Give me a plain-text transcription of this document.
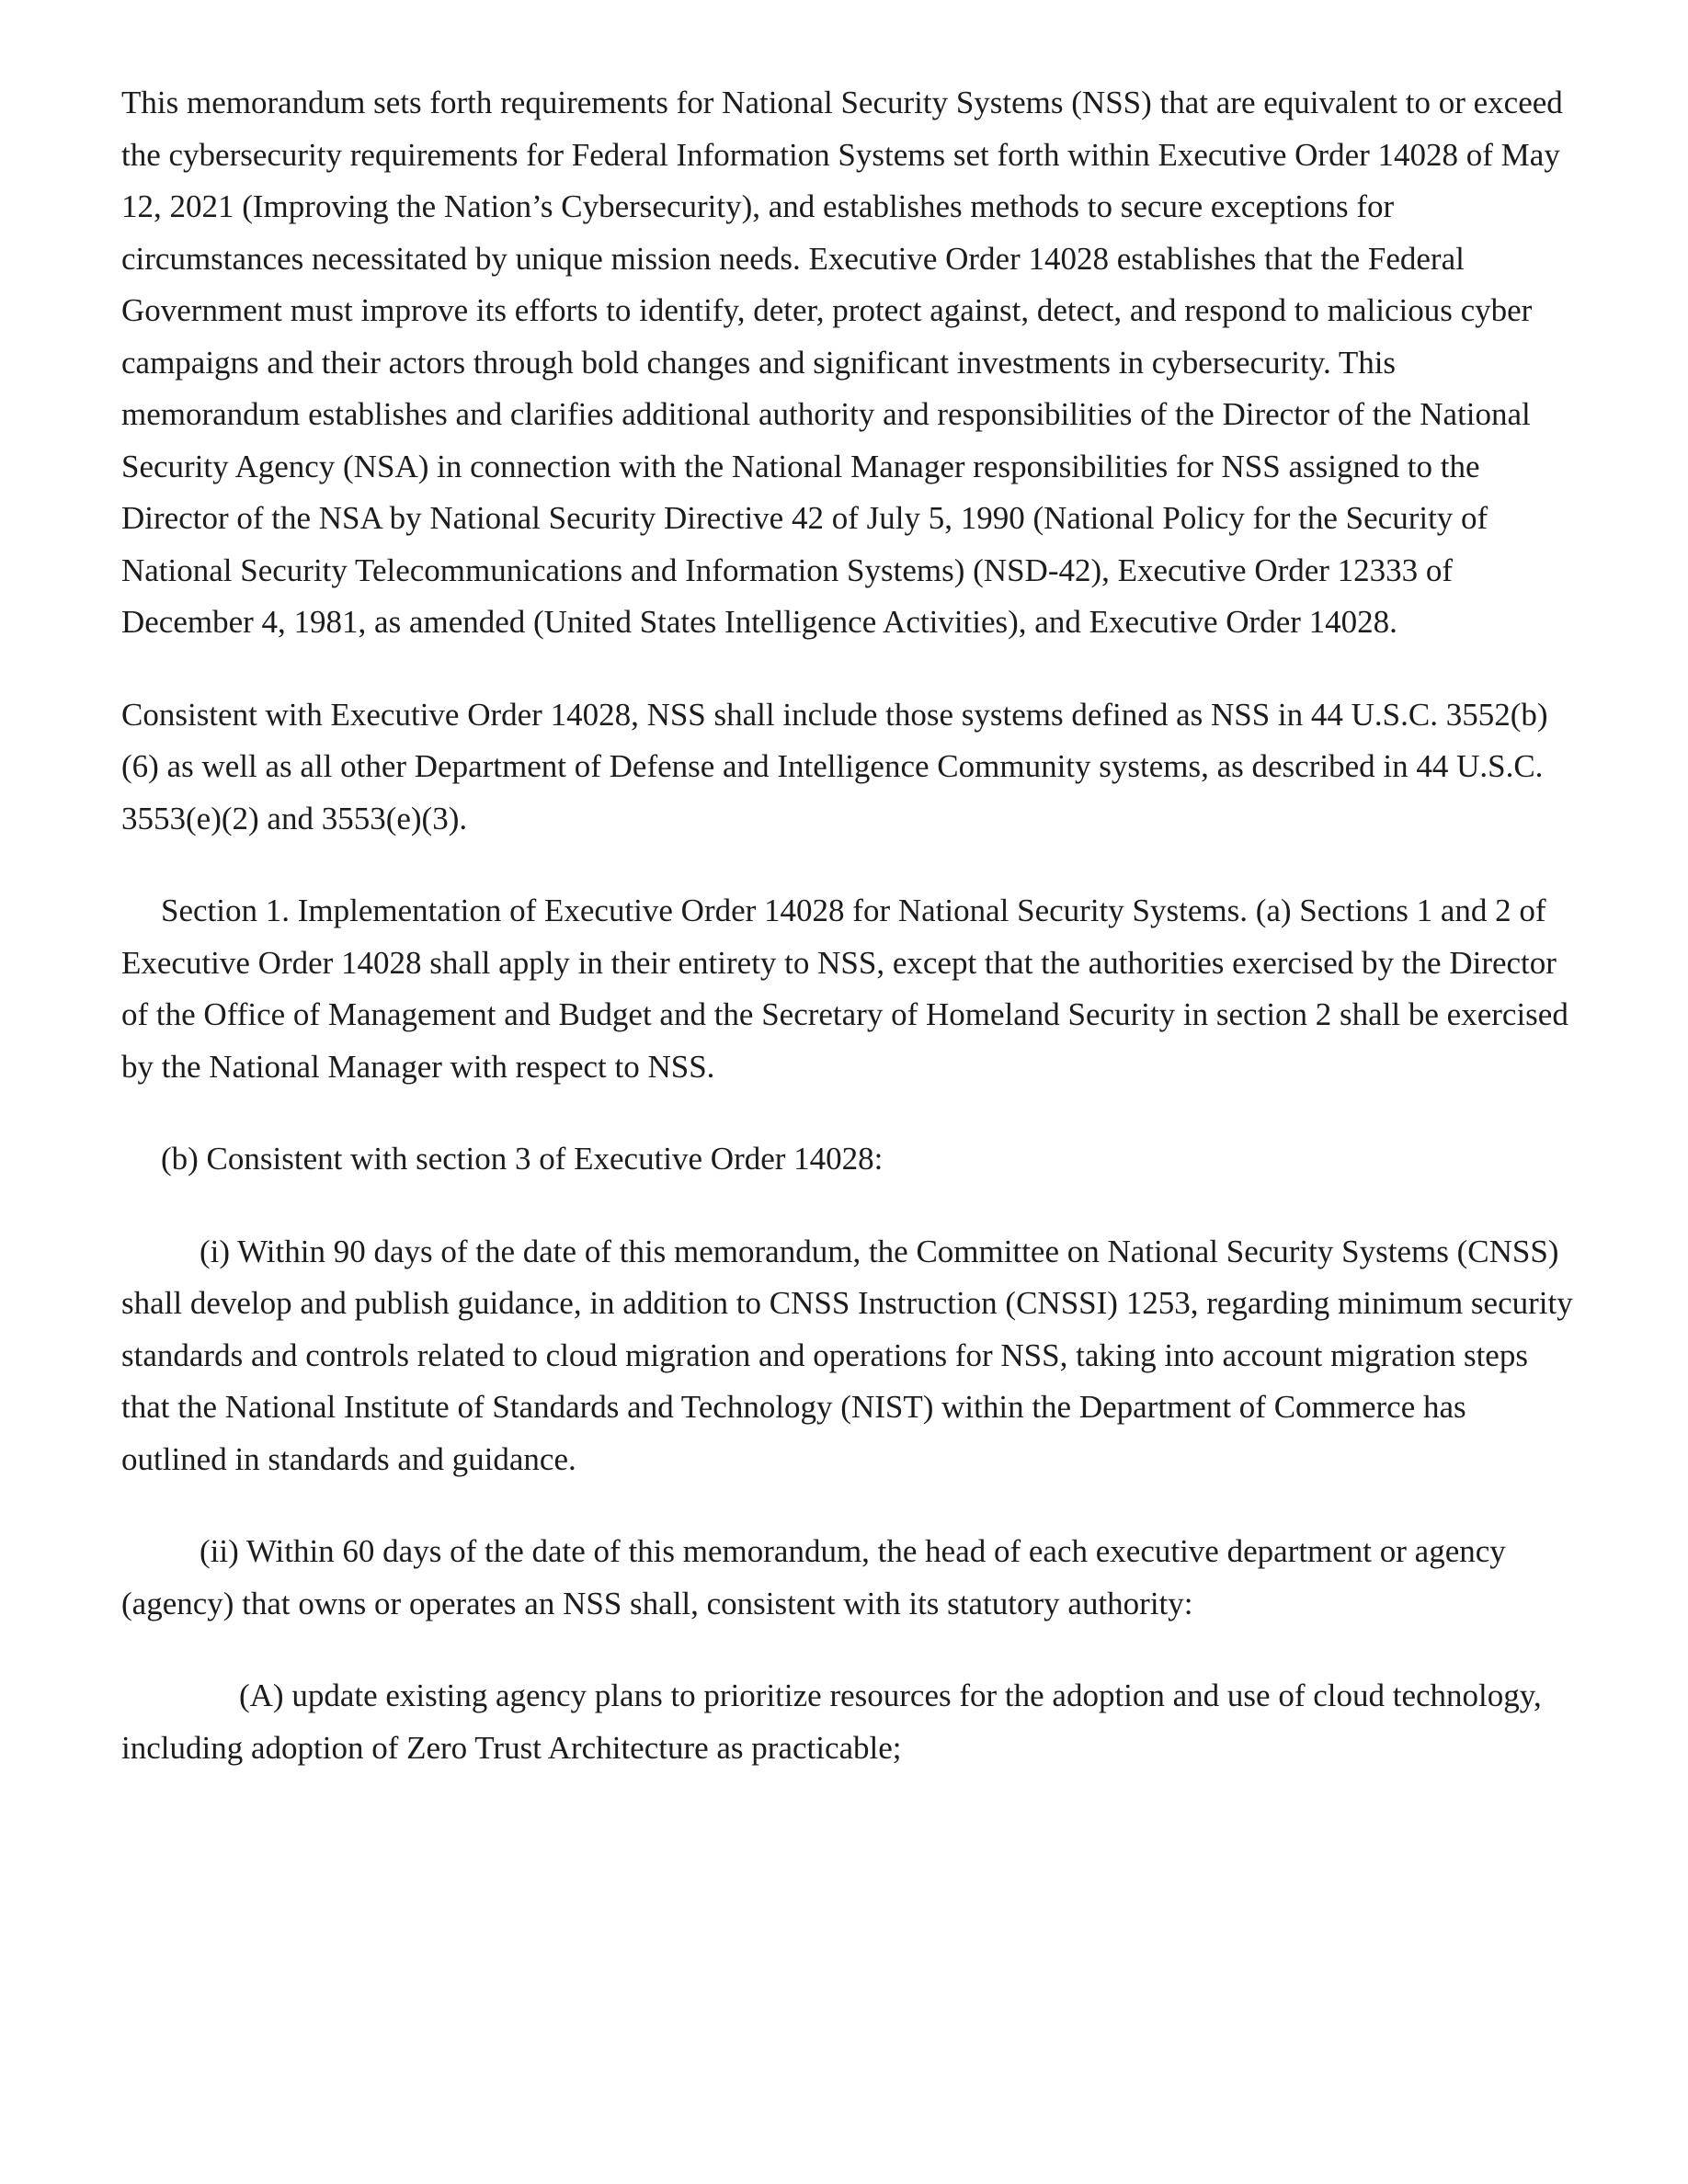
This memorandum sets forth requirements for National Security Systems (NSS) that are equivalent to or exceed the cybersecurity requirements for Federal Information Systems set forth within Executive Order 14028 of May 12, 2021 (Improving the Nation’s Cybersecurity), and establishes methods to secure exceptions for circumstances necessitated by unique mission needs. Executive Order 14028 establishes that the Federal Government must improve its efforts to identify, deter, protect against, detect, and respond to malicious cyber campaigns and their actors through bold changes and significant investments in cybersecurity. This memorandum establishes and clarifies additional authority and responsibilities of the Director of the National Security Agency (NSA) in connection with the National Manager responsibilities for NSS assigned to the Director of the NSA by National Security Directive 42 of July 5, 1990 (National Policy for the Security of National Security Telecommunications and Information Systems) (NSD-42), Executive Order 12333 of December 4, 1981, as amended (United States Intelligence Activities), and Executive Order 14028.

Consistent with Executive Order 14028, NSS shall include those systems defined as NSS in 44 U.S.C. 3552(b)(6) as well as all other Department of Defense and Intelligence Community systems, as described in 44 U.S.C. 3553(e)(2) and 3553(e)(3).

Section 1. Implementation of Executive Order 14028 for National Security Systems. (a) Sections 1 and 2 of Executive Order 14028 shall apply in their entirety to NSS, except that the authorities exercised by the Director of the Office of Management and Budget and the Secretary of Homeland Security in section 2 shall be exercised by the National Manager with respect to NSS.

(b) Consistent with section 3 of Executive Order 14028:

(i) Within 90 days of the date of this memorandum, the Committee on National Security Systems (CNSS) shall develop and publish guidance, in addition to CNSS Instruction (CNSSI) 1253, regarding minimum security standards and controls related to cloud migration and operations for NSS, taking into account migration steps that the National Institute of Standards and Technology (NIST) within the Department of Commerce has outlined in standards and guidance.

(ii) Within 60 days of the date of this memorandum, the head of each executive department or agency (agency) that owns or operates an NSS shall, consistent with its statutory authority:

(A) update existing agency plans to prioritize resources for the adoption and use of cloud technology, including adoption of Zero Trust Architecture as practicable;
